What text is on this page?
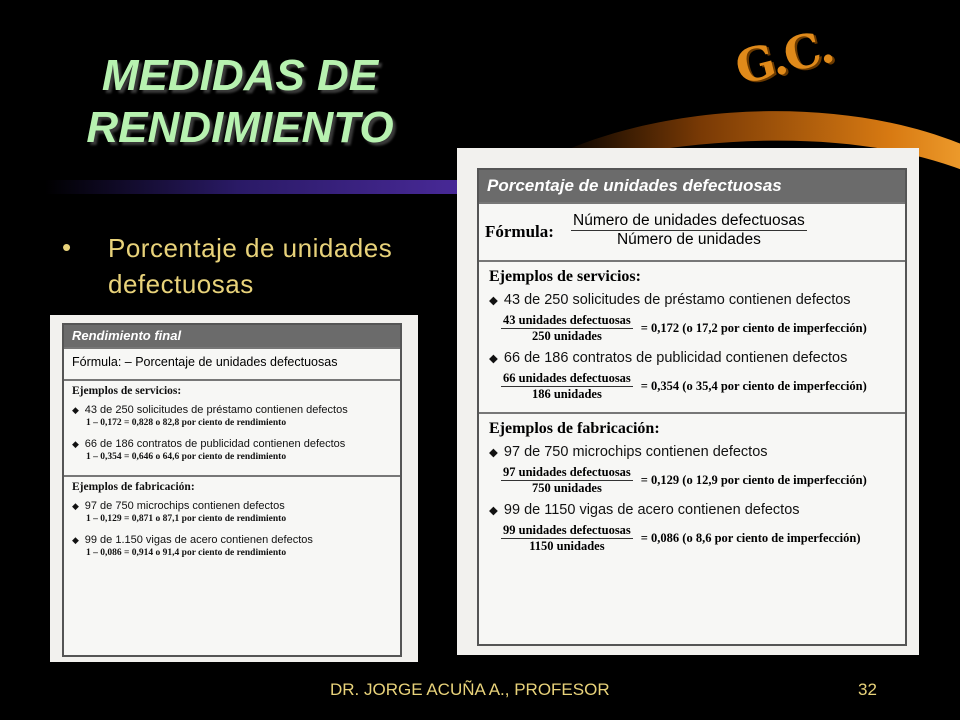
G.C.
MEDIDAS DE
RENDIMIENTO
• Porcentaje de unidades defectuosas
Rendimiento final
Fórmula: – Porcentaje de unidades defectuosas
Ejemplos de servicios:
◆ 43 de 250 solicitudes de préstamo contienen defectos
1 – 0,172 = 0,828 o 82,8 por ciento de rendimiento
◆ 66 de 186 contratos de publicidad contienen defectos
1 – 0,354 = 0,646 o 64,6 por ciento de rendimiento
Ejemplos de fabricación:
◆ 97 de 750 microchips contienen defectos
1 – 0,129 = 0,871 o 87,1 por ciento de rendimiento
◆ 99 de 1.150 vigas de acero contienen defectos
1 – 0,086 = 0,914 o 91,4 por ciento de rendimiento
Porcentaje de unidades defectuosas
Fórmula:
Número de unidades defectuosas
Número de unidades
Ejemplos de servicios:
◆ 43 de 250 solicitudes de préstamo contienen defectos
$\frac{\text{43 unidades defectuosas}}{\text{250 unidades}} = 0,172$ (o 17,2 por ciento de imperfección)
◆ 66 de 186 contratos de publicidad contienen defectos
$\frac{\text{66 unidades defectuosas}}{\text{186 unidades}} = 0,354$ (o 35,4 por ciento de imperfección)
Ejemplos de fabricación:
◆ 97 de 750 microchips contienen defectos
$\frac{\text{97 unidades defectuosas}}{\text{750 unidades}} = 0,129$ (o 12,9 por ciento de imperfección)
◆ 99 de 1150 vigas de acero contienen defectos
$\frac{\text{99 unidades defectuosas}}{\text{1150 unidades}} = 0,086$ (o 8,6 por ciento de imperfección)
DR. JORGE ACUÑA A., PROFESOR	32
